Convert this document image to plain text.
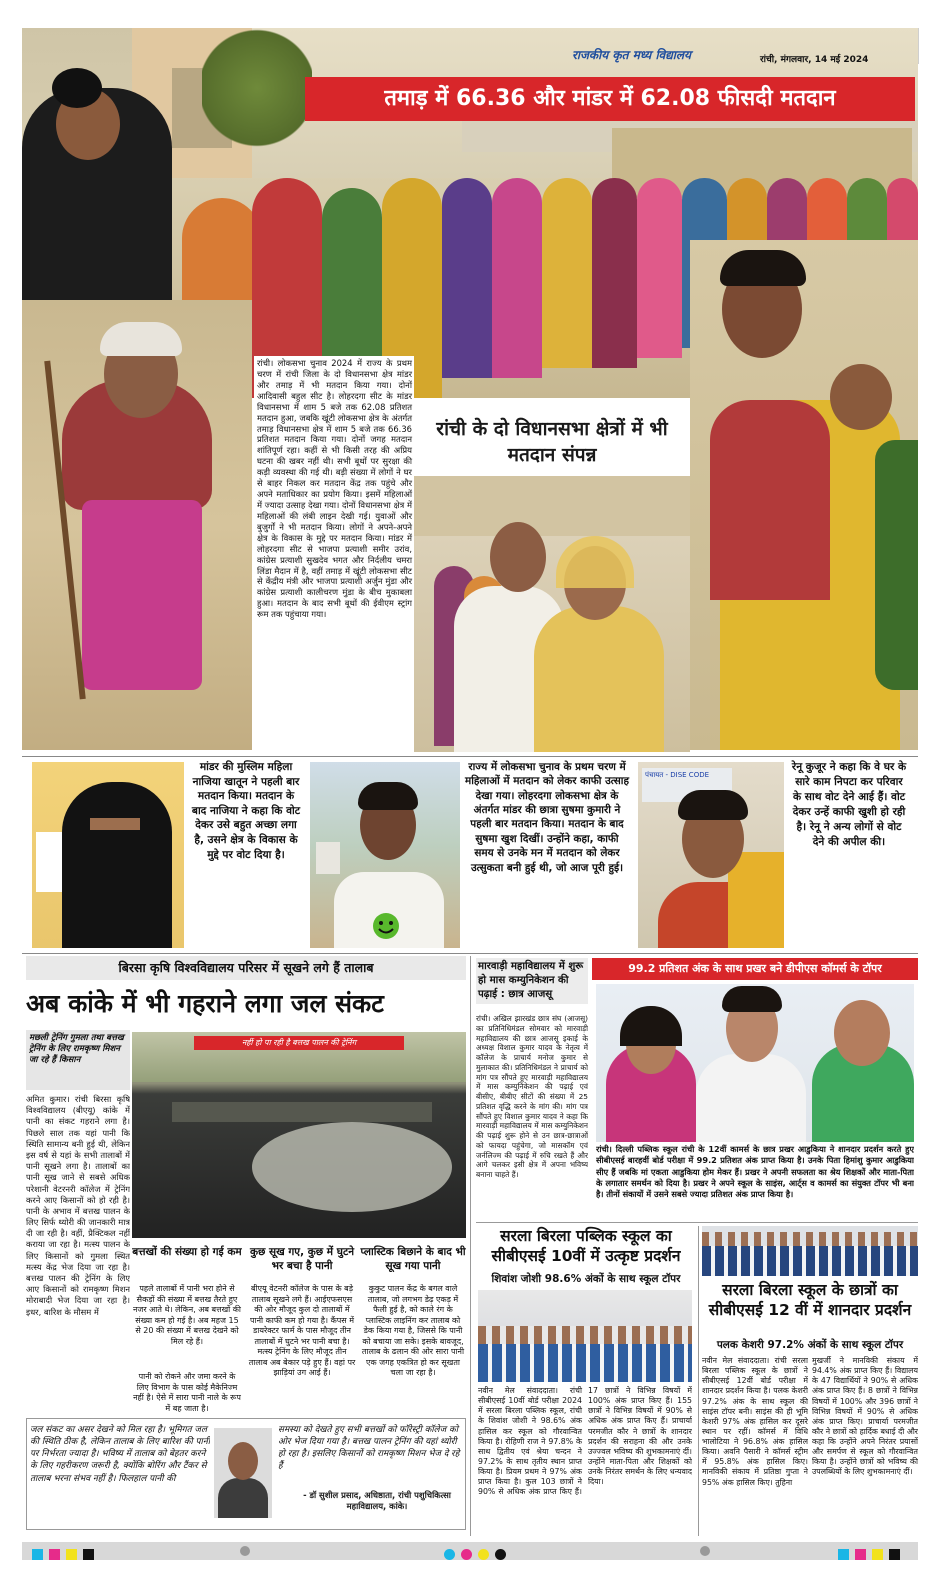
तमाड़ में 66.36 और मांडर में 62.08 फीसदी मतदान
राजकीय कृत मध्य विद्यालय	रांची, मंगलवार, 14 मई 2024
रांची। लोकसभा चुनाव 2024 में राज्य के प्रथम चरण में रांची जिला के दो विधानसभा क्षेत्र मांडर और तमाड़ में भी मतदान किया गया। दोनों आदिवासी बहुल सीट है। लोहरदगा सीट के मांडर विधानसभा में शाम 5 बजे तक 62.08 प्रतिशत मतदान हुआ, जबकि खूंटी लोकसभा क्षेत्र के अंतर्गत तमाड़ विधानसभा क्षेत्र में शाम 5 बजे तक 66.36 प्रतिशत मतदान किया गया। दोनों जगह मतदान शांतिपूर्ण रहा। कहीं से भी किसी तरह की अप्रिय घटना की खबर नहीं थी। सभी बूथों पर सुरक्षा की कड़ी व्यवस्था की गई थी। बड़ी संख्या में लोगों ने घर से बाहर निकल कर मतदान केंद्र तक पहुंचे और अपने मताधिकार का प्रयोग किया। इसमें महिलाओं में ज्यादा उत्साह देखा गया। दोनों विधानसभा क्षेत्र में महिलाओं की लंबी लाइन देखी गई। युवाओं और बुजुर्गों ने भी मतदान किया। लोगों ने अपने-अपने क्षेत्र के विकास के मुद्दे पर मतदान किया। मांडर में लोहरदगा सीट से भाजपा प्रत्याशी समीर उरांव, कांग्रेस प्रत्याशी सुखदेव भगत और निर्दलीय चमरा लिंडा मैदान में है, वहीं तमाड़ में खूंटी लोकसभा सीट से केंद्रीय मंत्री और भाजपा प्रत्याशी अर्जुन मुंडा और कांग्रेस प्रत्याशी कालीचरण मुंडा के बीच मुकाबला हुआ। मतदान के बाद सभी बूथों की ईवीएम स्ट्रांग रूम तक पहुंचाया गया।
रांची के दो विधानसभा क्षेत्रों में भी मतदान संपन्न
मांडर की मुस्लिम महिला नाजिया खातून ने पहली बार मतदान किया। मतदान के बाद नाजिया ने कहा कि वोट देकर उसे बहुत अच्छा लगा है, उसने क्षेत्र के विकास के मुद्दे पर वोट दिया है।
राज्य में लोकसभा चुनाव के प्रथम चरण में महिलाओं में मतदान को लेकर काफी उत्साह देखा गया। लोहरदगा लोकसभा क्षेत्र के अंतर्गत मांडर की छात्रा सुषमा कुमारी ने पहली बार मतदान किया। मतदान के बाद सुषमा खुश दिखीं। उन्होंने कहा, काफी समय से उनके मन में मतदान को लेकर उत्सुकता बनी हुई थी, जो आज पूरी हुई।
पंचायत - DISE CODE
रेनू कुजूर ने कहा कि वे घर के सारे काम निपटा कर परिवार के साथ वोट देने आई हैं। वोट देकर उन्हें काफी खुशी हो रही है। रेनू ने अन्य लोगों से वोट देने की अपील की।
बिरसा कृषि विश्वविद्यालय परिसर में सूखने लगे हैं तालाब
अब कांके में भी गहराने लगा जल संकट
मछली ट्रेनिंग गुमला तथा बत्तख ट्रेनिंग के लिए रामकृष्ण मिशन जा रहे हैं किसान
नहीं हो पा रही है बत्तख पालन की ट्रेनिंग
अमित कुमार। रांची बिरसा कृषि विश्वविद्यालय (बीएयू) कांके में पानी का संकट गहराने लगा है। पिछले साल तक यहां पानी कि स्थिति सामान्य बनी हुई थी, लेकिन इस वर्ष से यहां के सभी तालाबों में पानी सूखने लगा है। तालाबों का पानी सूख जाने से सबसे अधिक परेशानी वेटरनरी कॉलेज में ट्रेनिंग करने आए किसानों को हो रही है। पानी के अभाव में बत्तख पालन के लिए सिर्फ थ्योरी की जानकारी मात्र दी जा रही है। वहीं, प्रैक्टिकल नहीं कराया जा रहा है। मत्स्य पालन के लिए किसानों को गुमला स्थित मत्स्य केंद्र भेज दिया जा रहा है। बत्तख पालन की ट्रेनिंग के लिए आए किसानों को रामकृष्ण मिशन मोराबादी भेज दिया जा रहा है। इधर, बारिश के मौसम में
बत्तखों की संख्या हो गई कम
पहले तालाबों में पानी भरा होने से सैकड़ों की संख्या में बत्तख तैरते हुए नजर आते थे। लेकिन, अब बत्तखों की संख्या कम हो गई है। अब महज 15 से 20 की संख्या में बत्तख देखने को मिल रहे हैं।
पानी को रोकने और जमा करने के लिए विभाग के पास कोई मैकेनिज्म नहीं है। ऐसे में सारा पानी नाले के रूप में बह जाता है।
कुछ सूख गए, कुछ में घुटने भर बचा है पानी
बीएयू वेटनरी कॉलेज के पास के बड़े तालाब सूखने लगे हैं। आईएफसएस की ओर मौजूद कुल दो तालाबों में पानी काफी कम हो गया है। कैंपस में डायरेक्टर फार्म के पास मौजूद तीन तालाबों में घुटने भर पानी बचा है। मत्स्य ट्रेनिंग के लिए मौजूद तीन तालाब अब बेकार पड़े हुए हैं। वहां पर झाड़ियां उग आई हैं।
प्लास्टिक बिछाने के बाद भी सूख गया पानी
कुकुट पालन केंद्र के बगल वाले तालाब, जो लगभग डेढ़ एकड़ में फैली हुई है, को काले रंग के प्लास्टिक लाइनिंग कर तालाब को डेक किया गया है, जिससे कि पानी को बचाया जा सके। इसके बावजूद, तालाब के ढलान की ओर सारा पानी एक जगह एकत्रित हो कर सूखता चला जा रहा है।
जल संकट का असर देखने को मिल रहा है। भूमिगत जल की स्थिति ठीक है, लेकिन तालाब के लिए बारिश की पानी पर निर्भरता ज्यादा है। भविष्य में तालाब को बेहतर करने के लिए गहरीकरण जरूरी है, क्योंकि बोरिंग और टैंकर से तालाब भरना संभव नहीं है। फिलहाल पानी की
समस्या को देखते हुए सभी बत्तखों को फॉरेस्ट्री कॉलेज को ओर भेज दिया गया है। बत्तख पालन ट्रेनिंग की यहां थ्योरी हो रहा है। इसलिए किसानों को रामकृष्ण मिशन भेज दे रहे हैं
- डॉ सुशील प्रसाद, अधिष्ठाता, रांची पशुचिकित्सा महाविद्यालय, कांके।
मारवाड़ी महाविद्यालय में शुरू हो मास कम्युनिकेशन की पढ़ाई : छात्र आजसू
रांची। अखिल झारखंड छात्र संघ (आजसू) का प्रतिनिधिमंडल सोमवार को मारवाड़ी महाविद्यालय की छात्र आजसू इकाई के अध्यक्ष विशाल कुमार यादव के नेतृत्व में कॉलेज के प्राचार्य मनोज कुमार से मुलाकात की। प्रतिनिधिमंडल ने प्राचार्य को मांग पत्र सौंपते हुए मारवाड़ी महाविद्यालय में मास कम्युनिकेशन की पढ़ाई एवं बीसीए, बीबीए सीटों की संख्या में 25 प्रतिशत वृद्धि करने के मांग की। मांग पत्र सौंपते हुए विशाल कुमार यादव ने कहा कि मारवाड़ी महाविद्यालय में मास कम्युनिकेशन की पढ़ाई शुरू होने से उन छात्र-छात्राओं को फायदा पहुंचेगा, जो मासकॉम एवं जर्नलिज्म की पढ़ाई में रुचि रखते हैं और आगे चलकर इसी क्षेत्र में अपना भविष्य बनाना चाहते हैं।
99.2 प्रतिशत अंक के साथ प्रखर बने डीपीएस कॉमर्स के टॉपर
रांची। दिल्ली पब्लिक स्कूल रांची के 12वीं कामर्स के छात्र प्रखर आडुकिया ने शानदार प्रदर्शन करते हुए सीबीएसई बारहवीं बोर्ड परीक्षा में 99.2 प्रतिशत अंक प्राप्त किया है। उनके पिता हिमांशु कुमार आडुकिया सीए हैं जबकि मां एकता आडुकिया होम मेकर हैं। प्रखर ने अपनी सफलता का श्रेय शिक्षकों और माता-पिता के लगातार समर्थन को दिया है। प्रखर ने अपने स्कूल के साइंस, आर्ट्स व कामर्स का संयुक्त टॉपर भी बना है। तीनों संकायों में उसने सबसे ज्यादा प्रतिशत अंक प्राप्त किया है।
सरला बिरला पब्लिक स्कूल का सीबीएसई 10वीं में उत्कृष्ट प्रदर्शन
शिवांश जोशी 98.6% अंकों के साथ स्कूल टॉपर
नवीन मेल संवाददाता। रांची सीबीएसई 10वीं बोर्ड परीक्षा 2024 में सरला बिरला पब्लिक स्कूल, रांची के शिवांश जोशी ने 98.6% अंक हासिल कर स्कूल को गौरवान्वित किया है। रोहिणी राज ने 97.8% के साथ द्वितीय एवं श्रेया चन्दन ने 97.2% के साथ तृतीय स्थान प्राप्त किया है। प्रियम प्रथम ने 97% अंक प्राप्त किया है। कुल 103 छात्रों ने 90% से अधिक अंक प्राप्त किए हैं। 17 छात्रों ने विभिन्न विषयों में 100% अंक प्राप्त किए हैं। 155 छात्रों ने विभिन्न विषयों में 90% से अधिक अंक प्राप्त किए हैं। प्राचार्या परमजीत कौर ने छात्रों के शानदार प्रदर्शन की सराहना की और उनके उज्ज्वल भविष्य की शुभकामनाएं दीं। उन्होंने माता-पिता और शिक्षकों को उनके निरंतर समर्थन के लिए धन्यवाद दिया।
सरला बिरला स्कूल के छात्रों का सीबीएसई 12 वीं में शानदार प्रदर्शन
पलक केशरी 97.2% अंकों के साथ स्कूल टॉपर
नवीन मेल संवाददाता। रांची सरला बिरला पब्लिक स्कूल के छात्रों ने सीबीएसई 12वीं बोर्ड परीक्षा में शानदार प्रदर्शन किया है। पलक केशरी 97.2% अंक के साथ स्कूल की साइंस टॉपर बनी। साइंस की ही भूमि केशरी 97% अंक हासिल कर दूसरे स्थान पर रहीं। कॉमर्स में विधि भालोटिया ने 96.8% अंक हासिल किया। अवनि पैसारी ने कॉमर्स स्ट्रीम में 95.8% अंक हासिल किए। मानविकी संकाय में प्रतिष्ठा गुप्ता ने 95% अंक हासिल किए। तुहिना
मुखर्जी ने मानविकी संकाय में 94.4% अंक प्राप्त किए हैं। विद्यालय के 47 विद्यार्थियों ने 90% से अधिक अंक प्राप्त किए हैं। 8 छात्रों ने विभिन्न विषयों में 100% और 396 छात्रों ने विभिन्न विषयों में 90% से अधिक अंक प्राप्त किए। प्राचार्या परमजीत कौर ने छात्रों को हार्दिक बधाई दी और कहा कि उन्होंने अपने निरंतर प्रयासों और समर्पण से स्कूल को गौरवान्वित किया है। उन्होंने छात्रों को भविष्य की उपलब्धियों के लिए शुभकामनाएं दीं।
